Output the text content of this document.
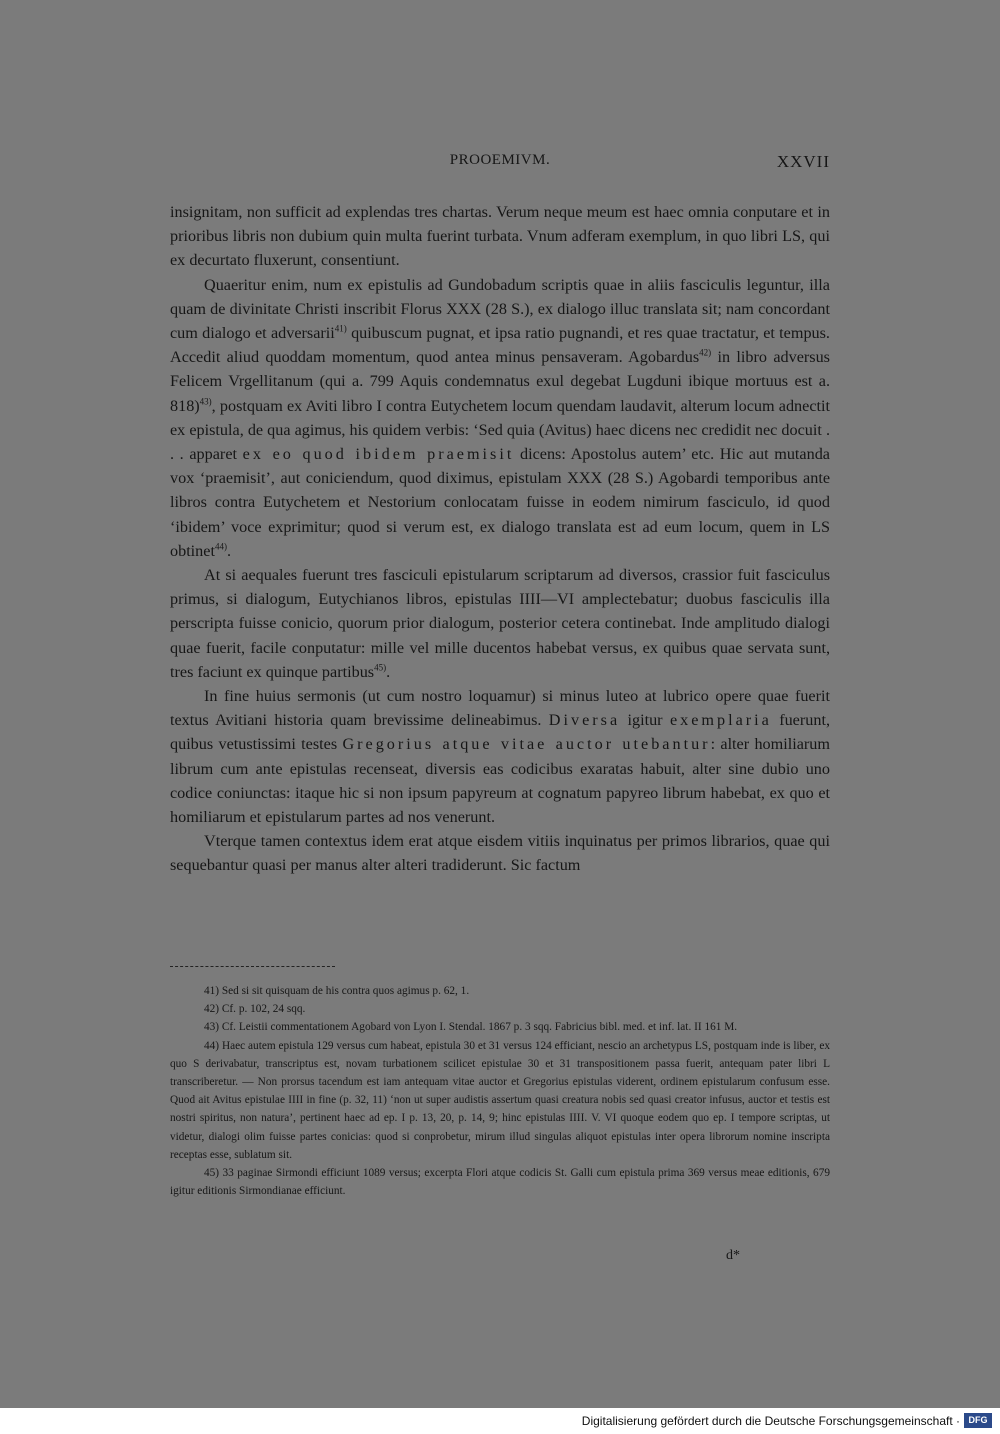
PROOEMIVM.	XXVII

insignitam, non sufficit ad explendas tres chartas. Verum neque meum est haec omnia conputare et in prioribus libris non dubium quin multa fuerint turbata. Vnum adferam exemplum, in quo libri LS, qui ex decurtato fluxerunt, consentiunt.

Quaeritur enim, num ex epistulis ad Gundobadum scriptis quae in aliis fasciculis leguntur, illa quam de divinitate Christi inscribit Florus XXX (28 S.), ex dialogo illuc translata sit; nam concordant cum dialogo et adversarii$^{41)}$ quibuscum pugnat, et ipsa ratio pugnandi, et res quae tractatur, et tempus. Accedit aliud quoddam momentum, quod antea minus pensaveram. Agobardus$^{42)}$ in libro adversus Felicem Vrgellitanum (qui a. 799 Aquis condemnatus exul degebat Lugduni ibique mortuus est a. 818)$^{43)}$, postquam ex Aviti libro I contra Eutychetem locum quendam laudavit, alterum locum adnectit ex epistula, de qua agimus, his quidem verbis: ‘Sed quia (Avitus) haec dicens nec credidit nec docuit . . . apparet ex eo quod ibidem praemisit dicens: Apostolus autem’ etc. Hic aut mutanda vox ‘praemisit’, aut coniciendum, quod diximus, epistulam XXX (28 S.) Agobardi temporibus ante libros contra Eutychetem et Nestorium conlocatam fuisse in eodem nimirum fasciculo, id quod ‘ibidem’ voce exprimitur; quod si verum est, ex dialogo translata est ad eum locum, quem in LS obtinet$^{44)}$.

At si aequales fuerunt tres fasciculi epistularum scriptarum ad diversos, crassior fuit fasciculus primus, si dialogum, Eutychianos libros, epistulas IIII—VI amplectebatur; duobus fasciculis illa perscripta fuisse conicio, quorum prior dialogum, posterior cetera continebat. Inde amplitudo dialogi quae fuerit, facile conputatur: mille vel mille ducentos habebat versus, ex quibus quae servata sunt, tres faciunt ex quinque partibus$^{45)}$.

In fine huius sermonis (ut cum nostro loquamur) si minus luteo at lubrico opere quae fuerit textus Avitiani historia quam brevissime delineabimus. Diversa igitur exemplaria fuerunt, quibus vetustissimi testes Gregorius atque vitae auctor utebantur: alter homiliarum librum cum ante epistulas recenseat, diversis eas codicibus exaratas habuit, alter sine dubio uno codice coniunctas: itaque hic si non ipsum papyreum at cognatum papyreo librum habebat, ex quo et homiliarum et epistularum partes ad nos venerunt.

Vterque tamen contextus idem erat atque eisdem vitiis inquinatus per primos librarios, quae qui sequebantur quasi per manus alter alteri tradiderunt. Sic factum

41) Sed si sit quisquam de his contra quos agimus p. 62, 1.

42) Cf. p. 102, 24 sqq.

43) Cf. Leistii commentationem Agobard von Lyon I. Stendal. 1867 p. 3 sqq. Fabricius bibl. med. et inf. lat. II 161 M.

44) Haec autem epistula 129 versus cum habeat, epistula 30 et 31 versus 124 efficiant, nescio an archetypus LS, postquam inde is liber, ex quo S derivabatur, transcriptus est, novam turbationem scilicet epistulae 30 et 31 transpositionem passa fuerit, antequam pater libri L transcriberetur. — Non prorsus tacendum est iam antequam vitae auctor et Gregorius epistulas viderent, ordinem epistularum confusum esse. Quod ait Avitus epistulae IIII in fine (p. 32, 11) ‘non ut super audistis assertum quasi creatura nobis sed quasi creator infusus, auctor et testis est nostri spiritus, non natura’, pertinent haec ad ep. I p. 13, 20, p. 14, 9; hinc epistulas IIII. V. VI quoque eodem quo ep. I tempore scriptas, ut videtur, dialogi olim fuisse partes conicias: quod si conprobetur, mirum illud singulas aliquot epistulas inter opera librorum nomine inscripta receptas esse, sublatum sit.

45) 33 paginae Sirmondi efficiunt 1089 versus; excerpta Flori atque codicis St. Galli cum epistula prima 369 versus meae editionis, 679 igitur editionis Sirmondianae efficiunt.

d*
Digitalisierung gefördert durch die Deutsche Forschungsgemeinschaft · DFG
